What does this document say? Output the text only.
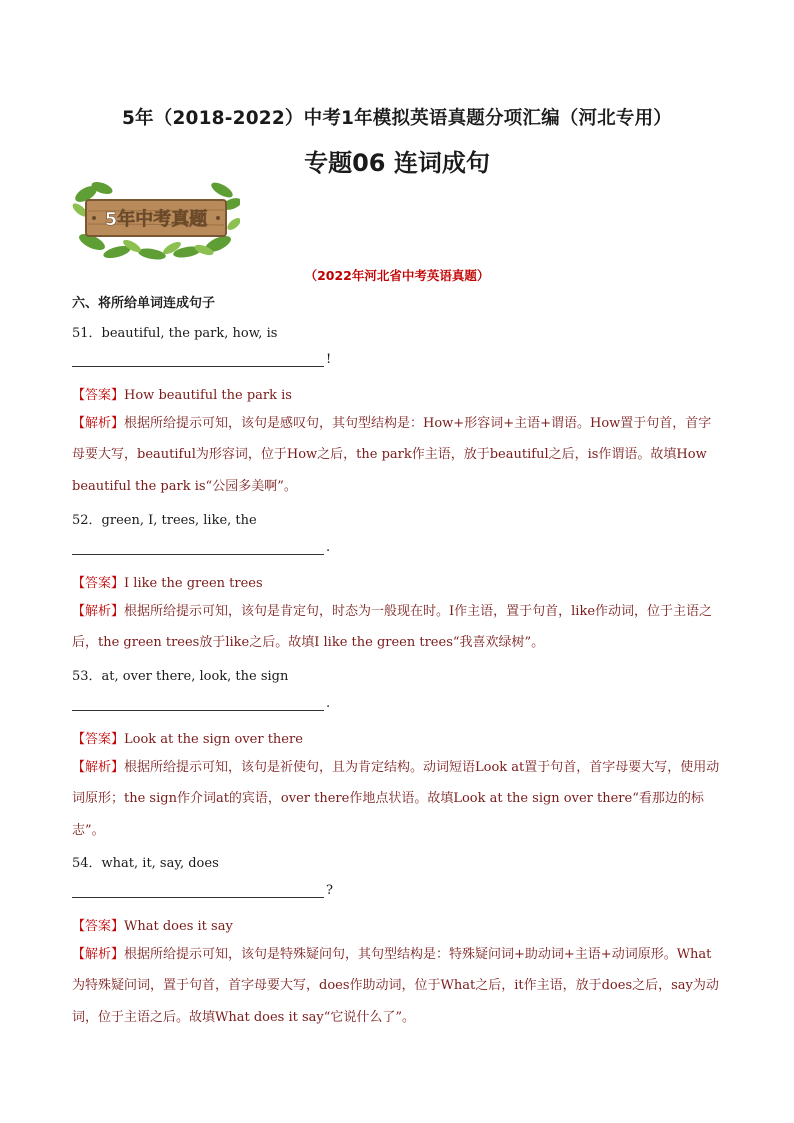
5年（2018-2022）中考1年模拟英语真题分项汇编（河北专用）
专题06 连词成句
5年中考真题
（2022年河北省中考英语真题）
六、将所给单词连成句子
51．beautiful, the park, how, is
!
【答案】How beautiful the park is
【解析】根据所给提示可知，该句是感叹句，其句型结构是：How+形容词+主语+谓语。How置于句首，首字母要大写，beautiful为形容词，位于How之后，the park作主语，放于beautiful之后，is作谓语。故填How beautiful the park is“公园多美啊”。
52．green, I, trees, like, the
.
【答案】I like the green trees
【解析】根据所给提示可知，该句是肯定句，时态为一般现在时。I作主语，置于句首，like作动词，位于主语之后，the green trees放于like之后。故填I like the green trees“我喜欢绿树”。
53．at, over there, look, the sign
.
【答案】Look at the sign over there
【解析】根据所给提示可知，该句是祈使句，且为肯定结构。动词短语Look at置于句首，首字母要大写，使用动词原形；the sign作介词at的宾语，over there作地点状语。故填Look at the sign over there“看那边的标志”。
54．what, it, say, does
?
【答案】What does it say
【解析】根据所给提示可知，该句是特殊疑问句，其句型结构是：特殊疑问词+助动词+主语+动词原形。What为特殊疑问词，置于句首，首字母要大写，does作助动词，位于What之后，it作主语，放于does之后，say为动词，位于主语之后。故填What does it say“它说什么了”。
